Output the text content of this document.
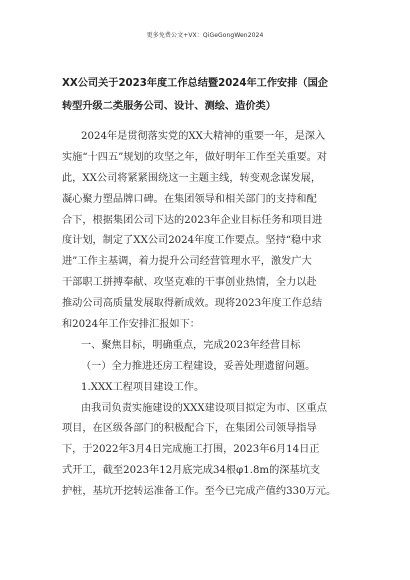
更多免费公文+VX：QiGeGongWen2024
XX公司关于2023年度工作总结暨2024年工作安排（国企
转型升级二类服务公司、设计、测绘、造价类）
2024年是贯彻落实党的XX大精神的重要一年，是深入
实施“十四五”规划的攻坚之年，做好明年工作至关重要。对
此，XX公司将紧紧围绕这一主题主线，转变观念谋发展，
凝心聚力塑品牌口碑。在集团领导和相关部门的支持和配
合下，根据集团公司下达的2023年企业目标任务和项目进
度计划，制定了XX公司2024年度工作要点。坚持“稳中求
进”工作主基调，着力提升公司经营管理水平，激发广大
干部职工拼搏奉献、攻坚克难的干事创业热情，全力以赴
推动公司高质量发展取得新成效。现将2023年度工作总结
和2024年工作安排汇报如下：
一、聚焦目标，明确重点，完成2023年经营目标
（一）全力推进还房工程建设，妥善处理遗留问题。
1.XXX工程项目建设工作。
由我司负责实施建设的XXX建设项目拟定为市、区重点
项目，在区级各部门的积极配合下，在集团公司领导指导
下，于2022年3月4日完成施工打围，2023年6月14日正
式开工，截至2023年12月底完成34根φ1.8m的深基坑支
护桩，基坑开挖转运准备工作。至今已完成产值约330万元。
